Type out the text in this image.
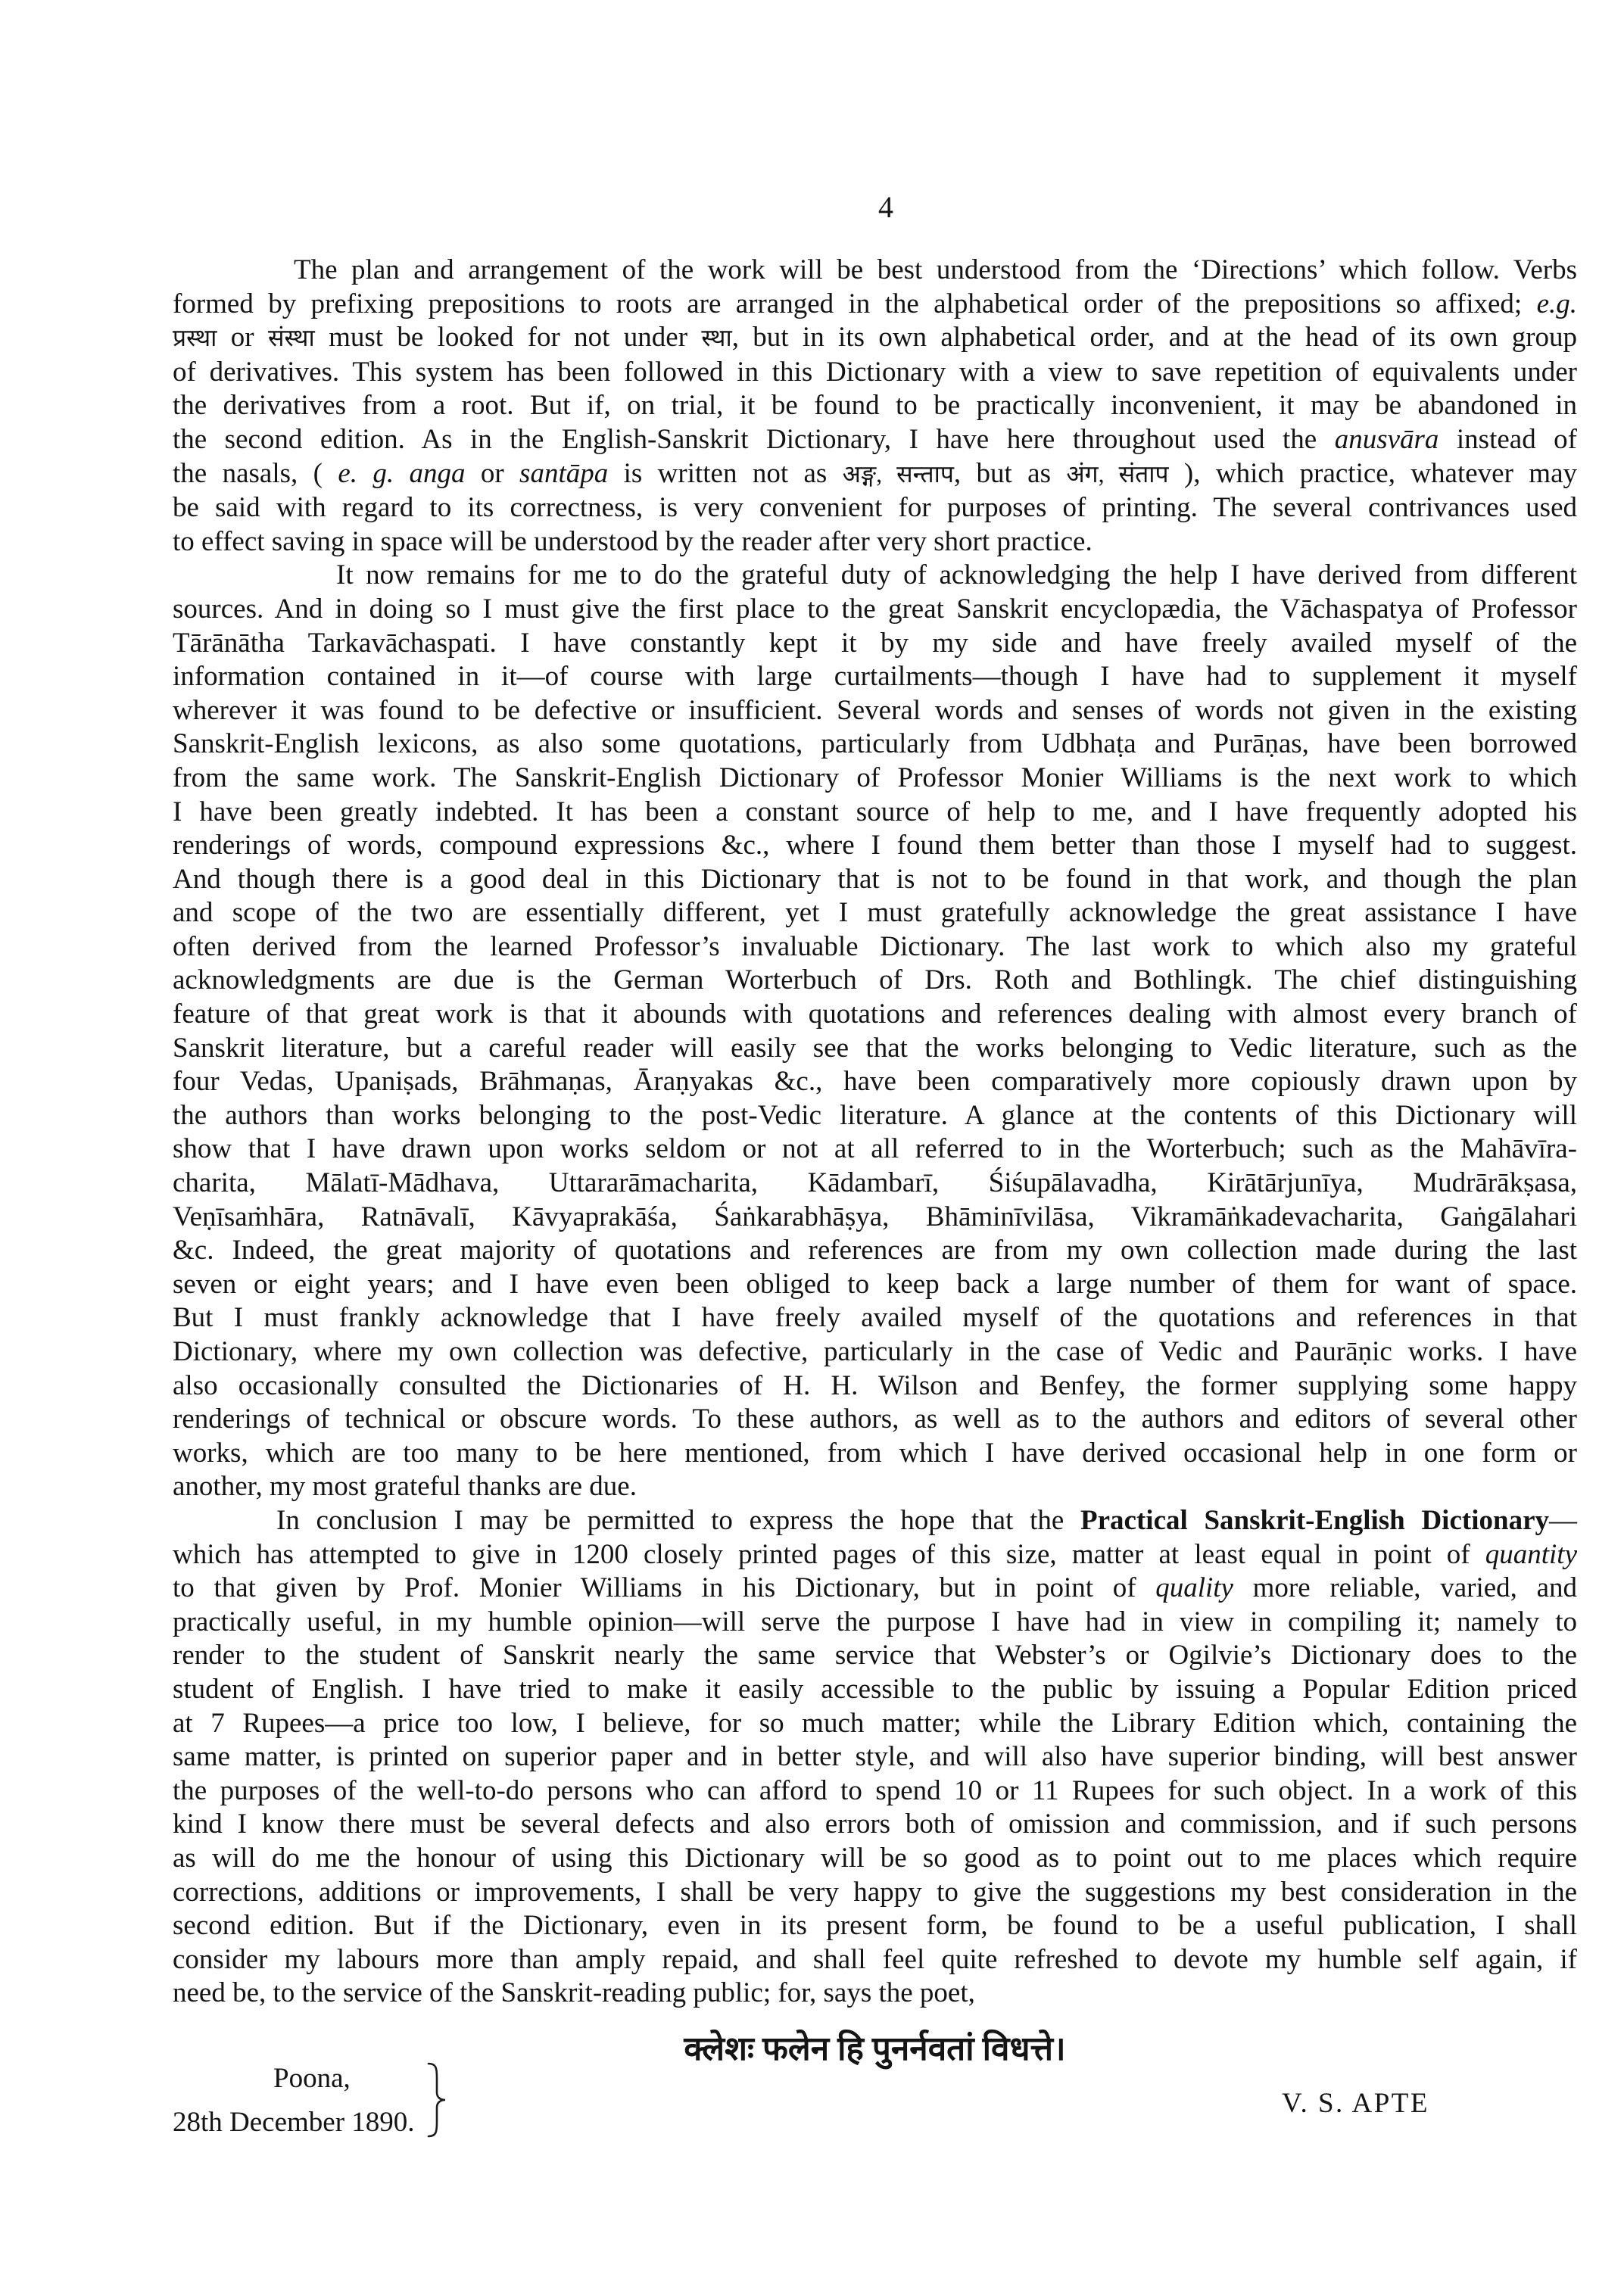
4
The plan and arrangement of the work will be best understood from the ‘Directions’ which follow. Verbs
formed by prefixing prepositions to roots are arranged in the alphabetical order of the prepositions so affixed; e.g.
प्रस्था or संस्था must be looked for not under स्था, but in its own alphabetical order, and at the head of its own group
of derivatives. This system has been followed in this Dictionary with a view to save repetition of equivalents under
the derivatives from a root. But if, on trial, it be found to be practically inconvenient, it may be abandoned in
the second edition. As in the English-Sanskrit Dictionary, I have here throughout used the anusvāra instead of
the nasals, ( e. g. anga or santāpa is written not as अङ्ग, सन्ताप, but as अंग, संताप ), which practice, whatever may
be said with regard to its correctness, is very convenient for purposes of printing. The several contrivances used
to effect saving in space will be understood by the reader after very short practice.
It now remains for me to do the grateful duty of acknowledging the help I have derived from different
sources. And in doing so I must give the first place to the great Sanskrit encyclopædia, the Vāchaspatya of Professor
Tārānātha Tarkavāchaspati. I have constantly kept it by my side and have freely availed myself of the
information contained in it—of course with large curtailments—though I have had to supplement it myself
wherever it was found to be defective or insufficient. Several words and senses of words not given in the existing
Sanskrit-English lexicons, as also some quotations, particularly from Udbhaṭa and Purāṇas, have been borrowed
from the same work. The Sanskrit-English Dictionary of Professor Monier Williams is the next work to which
I have been greatly indebted. It has been a constant source of help to me, and I have frequently adopted his
renderings of words, compound expressions &c., where I found them better than those I myself had to suggest.
And though there is a good deal in this Dictionary that is not to be found in that work, and though the plan
and scope of the two are essentially different, yet I must gratefully acknowledge the great assistance I have
often derived from the learned Professor’s invaluable Dictionary. The last work to which also my grateful
acknowledgments are due is the German Worterbuch of Drs. Roth and Bothlingk. The chief distinguishing
feature of that great work is that it abounds with quotations and references dealing with almost every branch of
Sanskrit literature, but a careful reader will easily see that the works belonging to Vedic literature, such as the
four Vedas, Upaniṣads, Brāhmaṇas, Āraṇyakas &c., have been comparatively more copiously drawn upon by
the authors than works belonging to the post-Vedic literature. A glance at the contents of this Dictionary will
show that I have drawn upon works seldom or not at all referred to in the Worterbuch; such as the Mahāvīra-
charita, Mālatī-Mādhava, Uttararāmacharita, Kādambarī, Śiśupālavadha, Kirātārjunīya, Mudrārākṣasa,
Veṇīsaṁhāra, Ratnāvalī, Kāvyaprakāśa, Śaṅkarabhāṣya, Bhāminīvilāsa, Vikramāṅkadevacharita, Gaṅgālahari
&c. Indeed, the great majority of quotations and references are from my own collection made during the last
seven or eight years; and I have even been obliged to keep back a large number of them for want of space.
But I must frankly acknowledge that I have freely availed myself of the quotations and references in that
Dictionary, where my own collection was defective, particularly in the case of Vedic and Paurāṇic works. I have
also occasionally consulted the Dictionaries of H. H. Wilson and Benfey, the former supplying some happy
renderings of technical or obscure words. To these authors, as well as to the authors and editors of several other
works, which are too many to be here mentioned, from which I have derived occasional help in one form or
another, my most grateful thanks are due.
In conclusion I may be permitted to express the hope that the Practical Sanskrit-English Dictionary—
which has attempted to give in 1200 closely printed pages of this size, matter at least equal in point of quantity
to that given by Prof. Monier Williams in his Dictionary, but in point of quality more reliable, varied, and
practically useful, in my humble opinion—will serve the purpose I have had in view in compiling it; namely to
render to the student of Sanskrit nearly the same service that Webster’s or Ogilvie’s Dictionary does to the
student of English. I have tried to make it easily accessible to the public by issuing a Popular Edition priced
at 7 Rupees—a price too low, I believe, for so much matter; while the Library Edition which, containing the
same matter, is printed on superior paper and in better style, and will also have superior binding, will best answer
the purposes of the well-to-do persons who can afford to spend 10 or 11 Rupees for such object. In a work of this
kind I know there must be several defects and also errors both of omission and commission, and if such persons
as will do me the honour of using this Dictionary will be so good as to point out to me places which require
corrections, additions or improvements, I shall be very happy to give the suggestions my best consideration in the
second edition. But if the Dictionary, even in its present form, be found to be a useful publication, I shall
consider my labours more than amply repaid, and shall feel quite refreshed to devote my humble self again, if
need be, to the service of the Sanskrit-reading public; for, says the poet,
क्लेशः फलेन हि पुनर्नवतां विधत्ते।
Poona,
28th December 1890.
V. S. APTE
